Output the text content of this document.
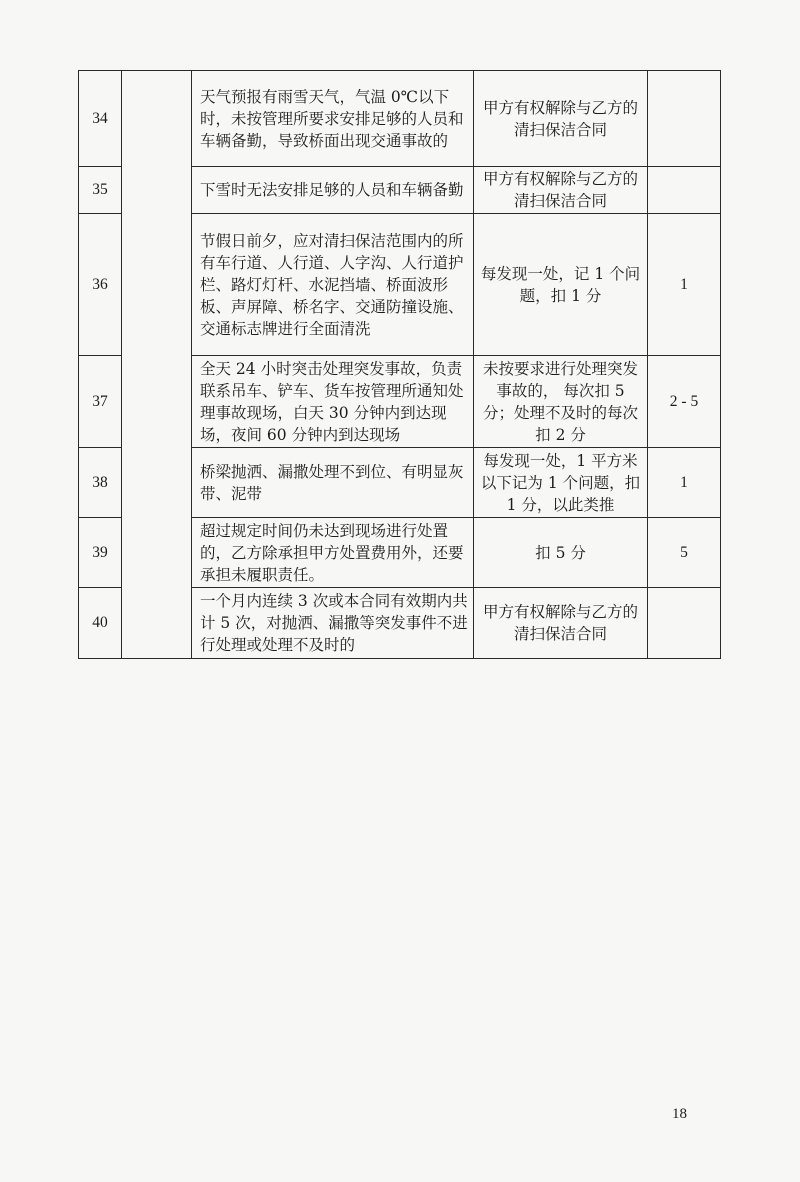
34		天气预报有雨雪天气，气温 0℃以下时，未按管理所要求安排足够的人员和车辆备勤，导致桥面出现交通事故的	甲方有权解除与乙方的清扫保洁合同	
35		下雪时无法安排足够的人员和车辆备勤	甲方有权解除与乙方的清扫保洁合同	
36		节假日前夕，应对清扫保洁范围内的所有车行道、人行道、人字沟、人行道护栏、路灯灯杆、水泥挡墙、桥面波形板、声屏障、桥名字、交通防撞设施、交通标志牌进行全面清洗	每发现一处，记 1 个问题，扣 1 分	1
37		全天 24 小时突击处理突发事故，负责联系吊车、铲车、货车按管理所通知处理事故现场，白天 30 分钟内到达现场，夜间 60 分钟内到达现场	未按要求进行处理突发事故的， 每次扣 5 分；处理不及时的每次扣 2 分	2 - 5
38		桥梁抛洒、漏撒处理不到位、有明显灰带、泥带	每发现一处，1 平方米以下记为 1 个问题，扣 1 分，以此类推	1
39		超过规定时间仍未达到现场进行处置的，乙方除承担甲方处置费用外，还要承担未履职责任。	扣 5 分	5
40		一个月内连续 3 次或本合同有效期内共计 5 次，对抛洒、漏撒等突发事件不进行处理或处理不及时的	甲方有权解除与乙方的清扫保洁合同	
18
